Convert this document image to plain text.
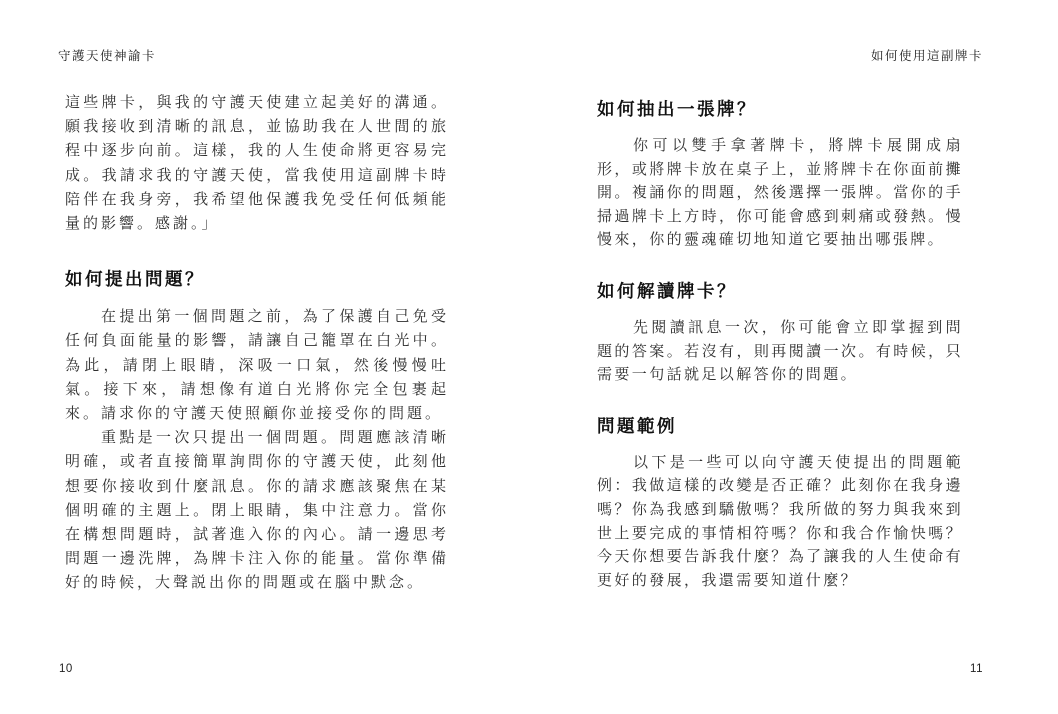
守護天使神諭卡

這些牌卡，與我的守護天使建立起美好的溝通。願我接收到清晰的訊息，並協助我在人世間的旅程中逐步向前。這樣，我的人生使命將更容易完成。我請求我的守護天使，當我使用這副牌卡時陪伴在我身旁，我希望他保護我免受任何低頻能量的影響。感謝。」

如何提出問題？

在提出第一個問題之前，為了保護自己免受任何負面能量的影響，請讓自己籠罩在白光中。為此，請閉上眼睛，深吸一口氣，然後慢慢吐氣。接下來，請想像有道白光將你完全包裹起來。請求你的守護天使照顧你並接受你的問題。

重點是一次只提出一個問題。問題應該清晰明確，或者直接簡單詢問你的守護天使，此刻他想要你接收到什麼訊息。你的請求應該聚焦在某個明確的主題上。閉上眼睛，集中注意力。當你在構想問題時，試著進入你的內心。請一邊思考問題一邊洗牌，為牌卡注入你的能量。當你準備好的時候，大聲説出你的問題或在腦中默念。

10
如何使用這副牌卡
如何抽出一張牌？

你可以雙手拿著牌卡，將牌卡展開成扇形，或將牌卡放在桌子上，並將牌卡在你面前攤開。複誦你的問題，然後選擇一張牌。當你的手掃過牌卡上方時，你可能會感到刺痛或發熱。慢慢來，你的靈魂確切地知道它要抽出哪張牌。

如何解讀牌卡？

先閱讀訊息一次，你可能會立即掌握到問題的答案。若沒有，則再閱讀一次。有時候，只需要一句話就足以解答你的問題。

問題範例

以下是一些可以向守護天使提出的問題範例：我做這樣的改變是否正確？此刻你在我身邊嗎？你為我感到驕傲嗎？我所做的努力與我來到世上要完成的事情相符嗎？你和我合作愉快嗎？今天你想要告訴我什麼？為了讓我的人生使命有更好的發展，我還需要知道什麼？

11
